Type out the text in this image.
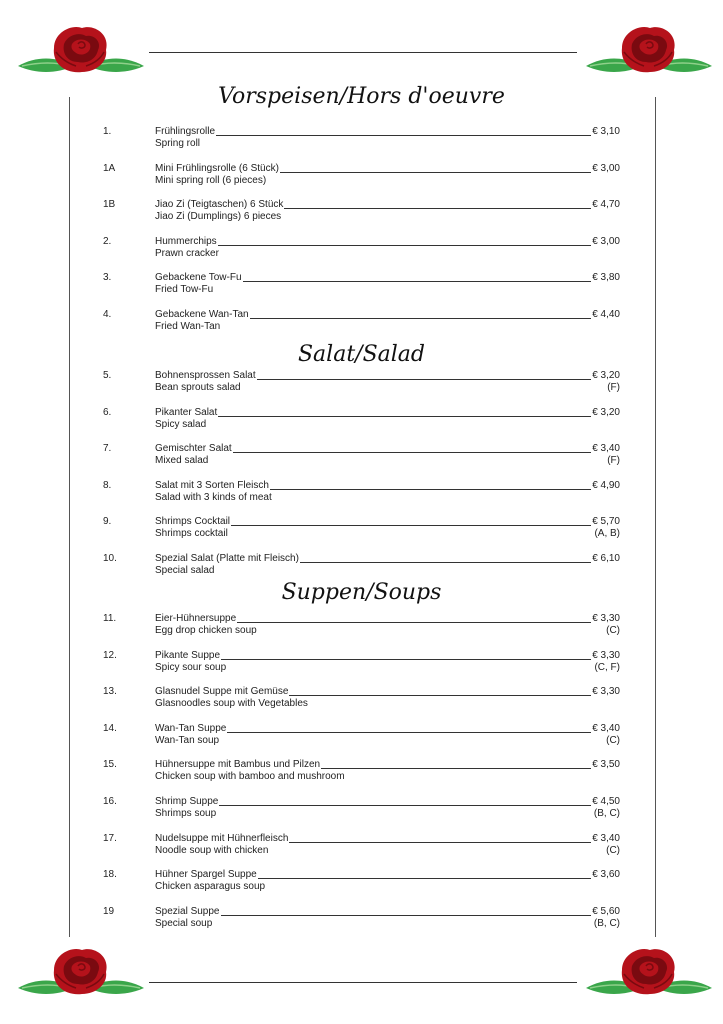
Vorspeisen/Hors d'oeuvre
Salat/Salad
Suppen/Soups
1.	Frühlingsrolle	€ 3,10
Spring roll
1A	Mini Frühlingsrolle (6 Stück)	€ 3,00
Mini spring roll (6 pieces)
1B	Jiao Zi (Teigtaschen) 6 Stück	€ 4,70
Jiao Zi (Dumplings) 6 pieces
2.	Hummerchips	€ 3,00
Prawn cracker
3.	Gebackene Tow-Fu	€ 3,80
Fried Tow-Fu
4.	Gebackene Wan-Tan	€ 4,40
Fried Wan-Tan
5.	Bohnensprossen Salat	€ 3,20
Bean sprouts salad	(F)
6.	Pikanter Salat	€ 3,20
Spicy salad
7.	Gemischter Salat	€ 3,40
Mixed salad	(F)
8.	Salat mit 3 Sorten Fleisch	€ 4,90
Salad with 3 kinds of meat
9.	Shrimps Cocktail	€ 5,70
Shrimps cocktail	(A, B)
10.	Spezial Salat (Platte mit Fleisch)	€ 6,10
Special salad
11.	Eier-Hühnersuppe	€ 3,30
Egg drop chicken soup	(C)
12.	Pikante Suppe	€ 3,30
Spicy sour soup	(C, F)
13.	Glasnudel Suppe mit Gemüse	€ 3,30
Glasnoodles soup with Vegetables
14.	Wan-Tan Suppe	€ 3,40
Wan-Tan soup	(C)
15.	Hühnersuppe mit Bambus und Pilzen	€ 3,50
Chicken soup with bamboo and mushroom
16.	Shrimp Suppe	€ 4,50
Shrimps soup	(B, C)
17.	Nudelsuppe mit Hühnerfleisch	€ 3,40
Noodle soup with chicken	(C)
18.	Hühner Spargel Suppe	€ 3,60
Chicken asparagus soup
19	Spezial Suppe	€ 5,60
Special soup	(B, C)
